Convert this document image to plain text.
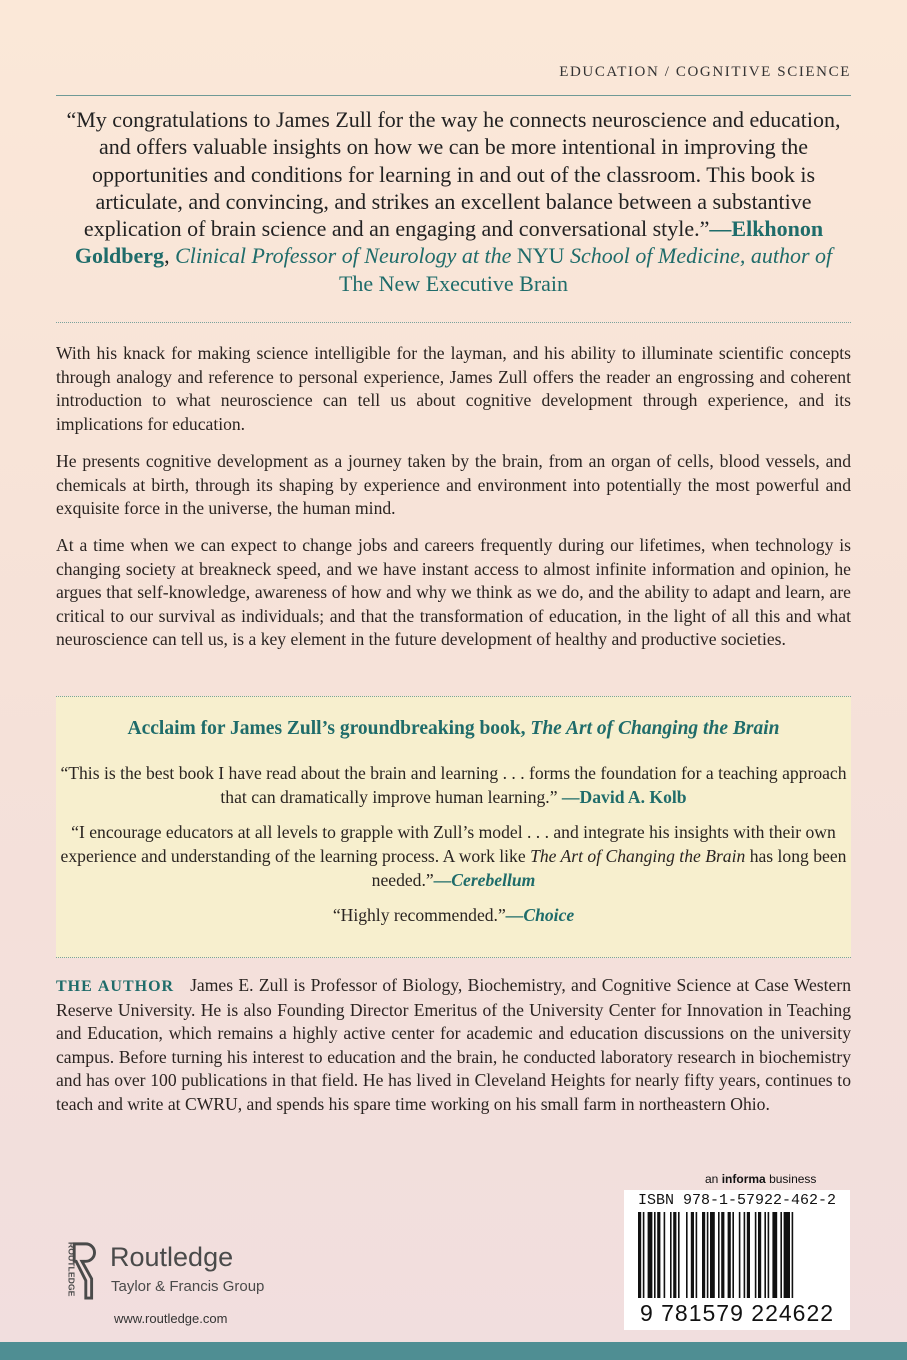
EDUCATION / COGNITIVE SCIENCE
“My congratulations to James Zull for the way he connects neuroscience and education, and offers valuable insights on how we can be more intentional in improving the opportunities and conditions for learning in and out of the classroom. This book is articulate, and convincing, and strikes an excellent balance between a substantive explication of brain science and an engaging and conversational style.”—Elkhonon Goldberg, Clinical Professor of Neurology at the NYU School of Medicine, author of The New Executive Brain

With his knack for making science intelligible for the layman, and his ability to illuminate scientific concepts through analogy and reference to personal experience, James Zull offers the reader an engrossing and coherent introduction to what neuroscience can tell us about cognitive development through experience, and its implications for education.

He presents cognitive development as a journey taken by the brain, from an organ of cells, blood vessels, and chemicals at birth, through its shaping by experience and environment into potentially the most powerful and exquisite force in the universe, the human mind.

At a time when we can expect to change jobs and careers frequently during our lifetimes, when technology is changing society at breakneck speed, and we have instant access to almost infinite information and opinion, he argues that self-knowledge, awareness of how and why we think as we do, and the ability to adapt and learn, are critical to our survival as individuals; and that the transformation of education, in the light of all this and what neuroscience can tell us, is a key element in the future development of healthy and productive societies.

Acclaim for James Zull’s groundbreaking book, The Art of Changing the Brain
“This is the best book I have read about the brain and learning . . . forms the foundation for a teaching approach that can dramatically improve human learning.” —David A. Kolb
“I encourage educators at all levels to grapple with Zull’s model . . . and integrate his insights with their own experience and understanding of the learning process. A work like The Art of Changing the Brain has long been needed.”—Cerebellum
“Highly recommended.”—Choice

THE AUTHOR James E. Zull is Professor of Biology, Biochemistry, and Cognitive Science at Case Western Reserve University. He is also Founding Director Emeritus of the University Center for Innovation in Teaching and Education, which remains a highly active center for academic and education discussions on the university campus. Before turning his interest to education and the brain, he conducted laboratory research in biochemistry and has over 100 publications in that field. He has lived in Cleveland Heights for nearly fifty years, continues to teach and write at CWRU, and spends his spare time working on his small farm in northeastern Ohio.

ROUTLEDGE Routledge
Taylor & Francis Group
www.routledge.com
an informa business
ISBN 978-1-57922-462-2
9 781579 224622
